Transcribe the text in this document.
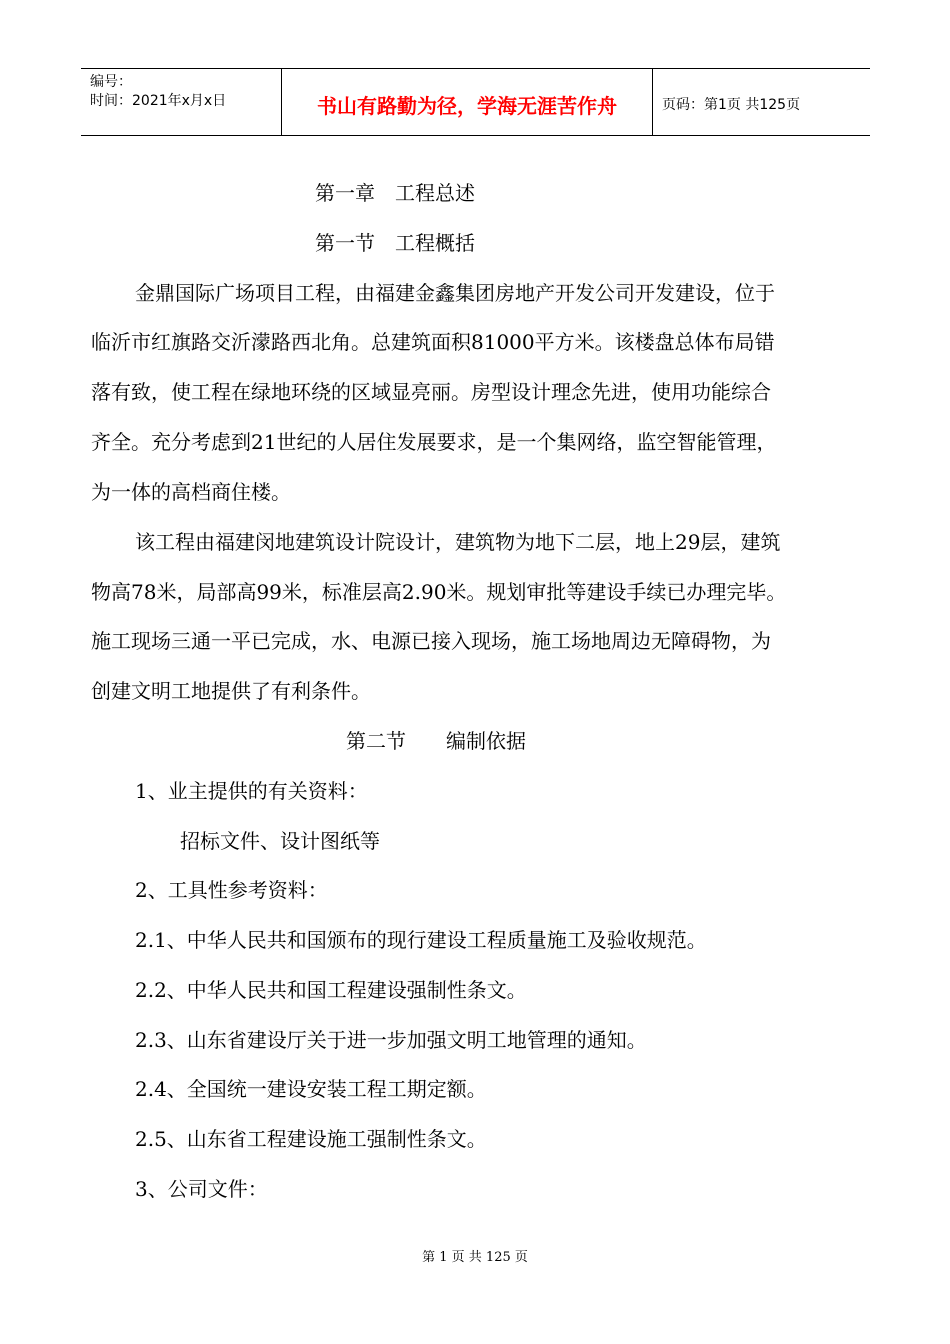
编号：
时间：2021年x月x日	书山有路勤为径，学海无涯苦作舟	页码：第1页 共125页
第一章　工程总述
第一节　工程概括
金鼎国际广场项目工程，由福建金鑫集团房地产开发公司开发建设，位于
临沂市红旗路交沂濛路西北角。总建筑面积81000平方米。该楼盘总体布局错
落有致，使工程在绿地环绕的区域显亮丽。房型设计理念先进，使用功能综合
齐全。充分考虑到21世纪的人居住发展要求，是一个集网络，监空智能管理，
为一体的高档商住楼。
该工程由福建闵地建筑设计院设计，建筑物为地下二层，地上29层，建筑
物高78米，局部高99米，标准层高2.90米。规划审批等建设手续已办理完毕。
施工现场三通一平已完成，水、电源已接入现场，施工场地周边无障碍物，为
创建文明工地提供了有利条件。
第二节　　编制依据
1、业主提供的有关资料：
招标文件、设计图纸等
2、工具性参考资料：
2.1、中华人民共和国颁布的现行建设工程质量施工及验收规范。
2.2、中华人民共和国工程建设强制性条文。
2.3、山东省建设厅关于进一步加强文明工地管理的通知。
2.4、全国统一建设安装工程工期定额。
2.5、山东省工程建设施工强制性条文。
3、公司文件：
第 1 页 共 125 页
